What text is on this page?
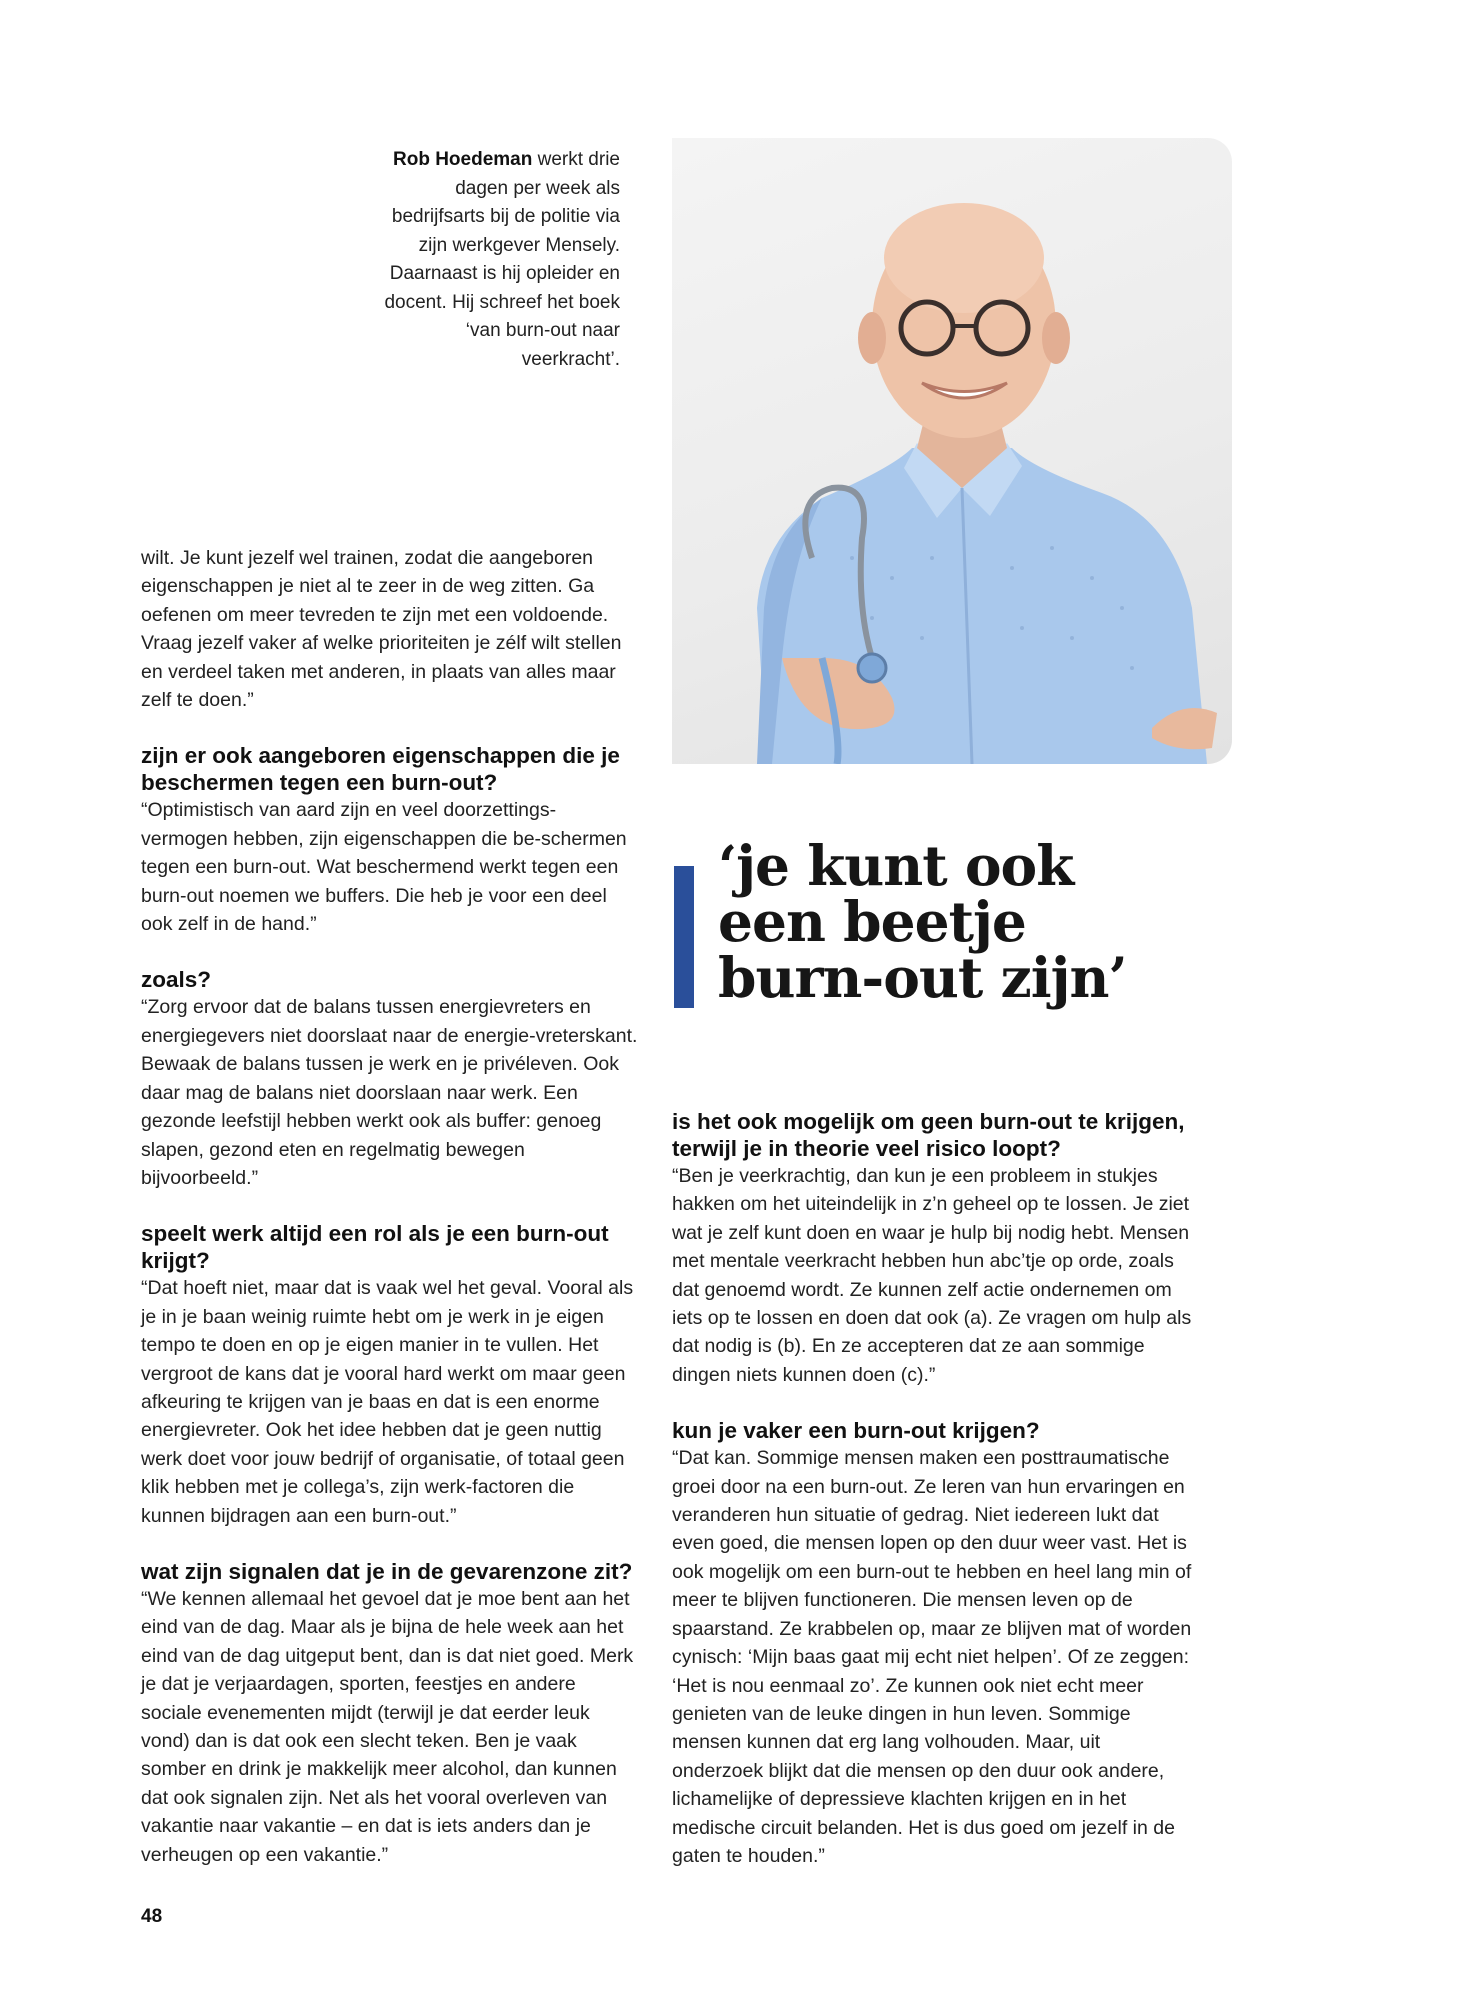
Rob Hoedeman werkt drie dagen per week als bedrijfsarts bij de politie via zijn werkgever Mensely. Daarnaast is hij opleider en docent. Hij schreef het boek ‘van burn-out naar veerkracht’.
‘je kunt ook
een beetje
burn-out zijn’

wilt. Je kunt jezelf wel trainen, zodat die aangeboren eigenschappen je niet al te zeer in de weg zitten. Ga oefenen om meer tevreden te zijn met een voldoende. Vraag jezelf vaker af welke prioriteiten je zélf wilt stellen en verdeel taken met anderen, in plaats van alles maar zelf te doen.”

zijn er ook aangeboren eigenschappen die je beschermen tegen een burn-out?

“Optimistisch van aard zijn en veel doorzettings-vermogen hebben, zijn eigenschappen die be-schermen tegen een burn-out. Wat beschermend werkt tegen een burn-out noemen we buffers. Die heb je voor een deel ook zelf in de hand.”

zoals?

“Zorg ervoor dat de balans tussen energievreters en energiegevers niet doorslaat naar de energie-vreterskant. Bewaak de balans tussen je werk en je privéleven. Ook daar mag de balans niet doorslaan naar werk. Een gezonde leefstijl hebben werkt ook als buffer: genoeg slapen, gezond eten en regelmatig bewegen bijvoorbeeld.”

speelt werk altijd een rol als je een burn-out krijgt?

“Dat hoeft niet, maar dat is vaak wel het geval. Vooral als je in je baan weinig ruimte hebt om je werk in je eigen tempo te doen en op je eigen manier in te vullen. Het vergroot de kans dat je vooral hard werkt om maar geen afkeuring te krijgen van je baas en dat is een enorme energievreter. Ook het idee hebben dat je geen nuttig werk doet voor jouw bedrijf of organisatie, of totaal geen klik hebben met je collega’s, zijn werk-factoren die kunnen bijdragen aan een burn-out.”

wat zijn signalen dat je in de gevarenzone zit?

“We kennen allemaal het gevoel dat je moe bent aan het eind van de dag. Maar als je bijna de hele week aan het eind van de dag uitgeput bent, dan is dat niet goed. Merk je dat je verjaardagen, sporten, feestjes en andere sociale evenementen mijdt (terwijl je dat eerder leuk vond) dan is dat ook een slecht teken. Ben je vaak somber en drink je makkelijk meer alcohol, dan kunnen dat ook signalen zijn. Net als het vooral overleven van vakantie naar vakantie – en dat is iets anders dan je verheugen op een vakantie.”

is het ook mogelijk om geen burn-out te krijgen, terwijl je in theorie veel risico loopt?

“Ben je veerkrachtig, dan kun je een probleem in stukjes hakken om het uiteindelijk in z’n geheel op te lossen. Je ziet wat je zelf kunt doen en waar je hulp bij nodig hebt. Mensen met mentale veerkracht hebben hun abc’tje op orde, zoals dat genoemd wordt. Ze kunnen zelf actie ondernemen om iets op te lossen en doen dat ook (a). Ze vragen om hulp als dat nodig is (b). En ze accepteren dat ze aan sommige dingen niets kunnen doen (c).”

kun je vaker een burn-out krijgen?

“Dat kan. Sommige mensen maken een posttraumatische groei door na een burn-out. Ze leren van hun ervaringen en veranderen hun situatie of gedrag. Niet iedereen lukt dat even goed, die mensen lopen op den duur weer vast. Het is ook mogelijk om een burn-out te hebben en heel lang min of meer te blijven functioneren. Die mensen leven op de spaarstand. Ze krabbelen op, maar ze blijven mat of worden cynisch: ‘Mijn baas gaat mij echt niet helpen’. Of ze zeggen: ‘Het is nou eenmaal zo’. Ze kunnen ook niet echt meer genieten van de leuke dingen in hun leven. Sommige mensen kunnen dat erg lang volhouden. Maar, uit onderzoek blijkt dat die mensen op den duur ook andere, lichamelijke of depressieve klachten krijgen en in het medische circuit belanden. Het is dus goed om jezelf in de gaten te houden.”

48
